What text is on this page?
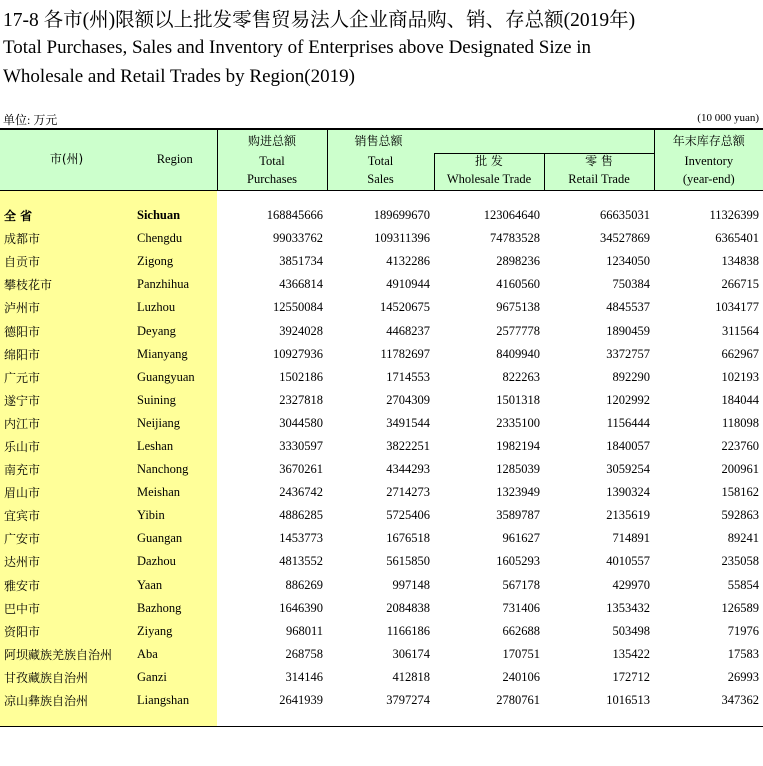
17-8 各市(州)限额以上批发零售贸易法人企业商品购、销、存总额(2019年)
Total Purchases, Sales and Inventory of Enterprises above Designated Size in
Wholesale and Retail Trades by Region(2019)
单位: 万元	(10 000 yuan)
市(州)	Region	购进总额	销售总额			年末库存总额
		Total	Total	批 发	零 售	Inventory
		Purchases	Sales	Wholesale Trade	Retail Trade	(year-end)

全 省	Sichuan	168845666	189699670	123064640	66635031	11326399
成都市	Chengdu	99033762	109311396	74783528	34527869	6365401
自贡市	Zigong	3851734	4132286	2898236	1234050	134838
攀枝花市	Panzhihua	4366814	4910944	4160560	750384	266715
泸州市	Luzhou	12550084	14520675	9675138	4845537	1034177
德阳市	Deyang	3924028	4468237	2577778	1890459	311564
绵阳市	Mianyang	10927936	11782697	8409940	3372757	662967
广元市	Guangyuan	1502186	1714553	822263	892290	102193
遂宁市	Suining	2327818	2704309	1501318	1202992	184044
内江市	Neijiang	3044580	3491544	2335100	1156444	118098
乐山市	Leshan	3330597	3822251	1982194	1840057	223760
南充市	Nanchong	3670261	4344293	1285039	3059254	200961
眉山市	Meishan	2436742	2714273	1323949	1390324	158162
宜宾市	Yibin	4886285	5725406	3589787	2135619	592863
广安市	Guangan	1453773	1676518	961627	714891	89241
达州市	Dazhou	4813552	5615850	1605293	4010557	235058
雅安市	Yaan	886269	997148	567178	429970	55854
巴中市	Bazhong	1646390	2084838	731406	1353432	126589
资阳市	Ziyang	968011	1166186	662688	503498	71976
阿坝藏族羌族自治州	Aba	268758	306174	170751	135422	17583
甘孜藏族自治州	Ganzi	314146	412818	240106	172712	26993
凉山彝族自治州	Liangshan	2641939	3797274	2780761	1016513	347362
